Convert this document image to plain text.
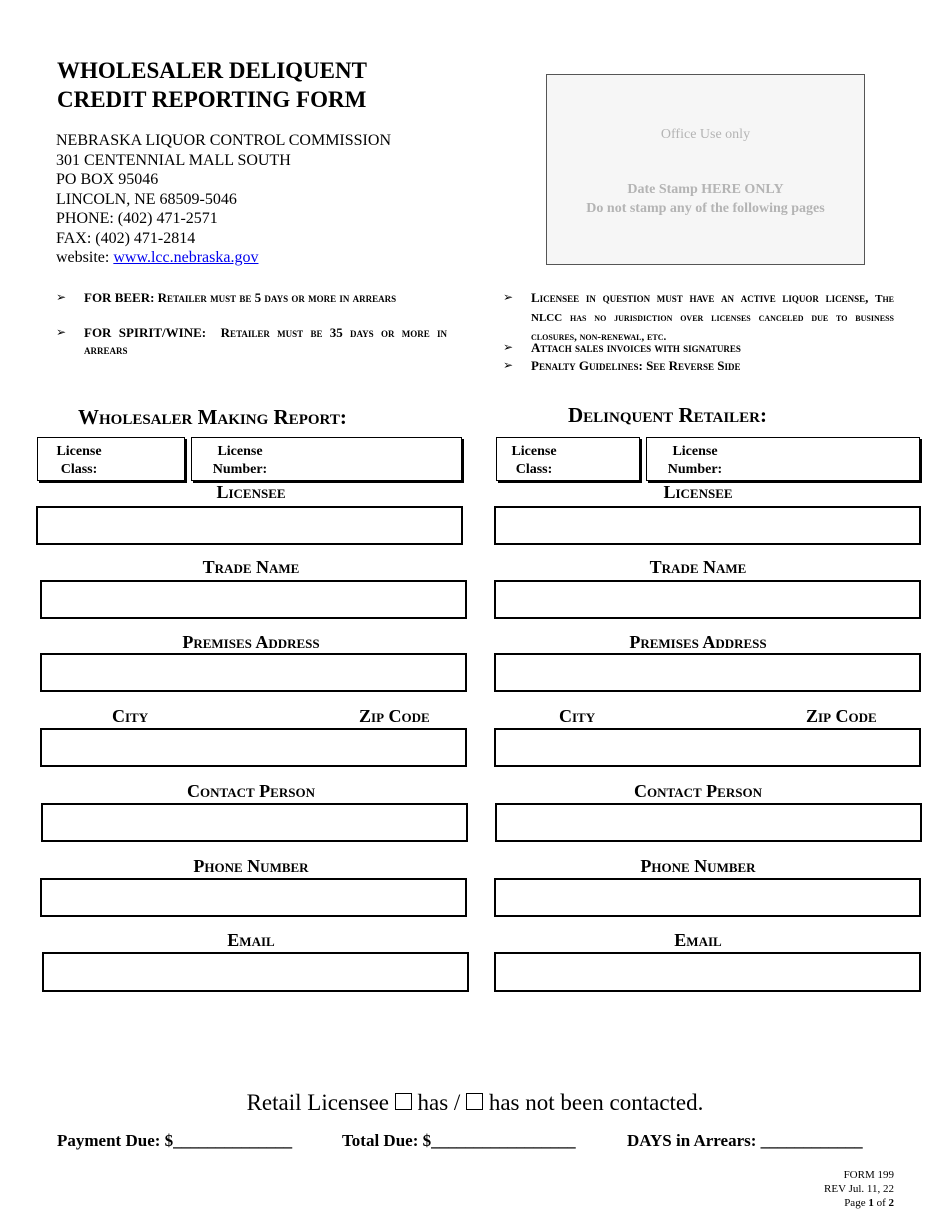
WHOLESALER DELIQUENT
CREDIT REPORTING FORM
NEBRASKA LIQUOR CONTROL COMMISSION
301 CENTENNIAL MALL SOUTH
PO BOX 95046
LINCOLN, NE 68509-5046
PHONE: (402) 471-2571
FAX: (402) 471-2814
website: www.lcc.nebraska.gov
Office Use only
Date Stamp HERE ONLY
Do not stamp any of the following pages
➢	FOR BEER: Retailer must be 5 days or more in arrears
➢	FOR SPIRIT/WINE: Retailer must be 35 days or more in arrears
➢	Licensee in question must have an active liquor license, The NLCC has no jurisdiction over licenses canceled due to business closures, non-renewal, etc.
➢	Attach sales invoices with signatures
➢	Penalty Guidelines: See Reverse Side
Wholesaler Making Report:	Delinquent Retailer:
License Class:
License Number:
License Class:
License Number:
Licensee
Trade Name
Premises Address
City	Zip Code
Contact Person
Phone Number
Email
Licensee
Trade Name
Premises Address
City	Zip Code
Contact Person
Phone Number
Email
Retail Licensee has / has not been contacted.
Payment Due: $______________	Total Due: $_________________	DAYS in Arrears: ____________
FORM 199
REV Jul. 11, 22
Page 1 of 2
